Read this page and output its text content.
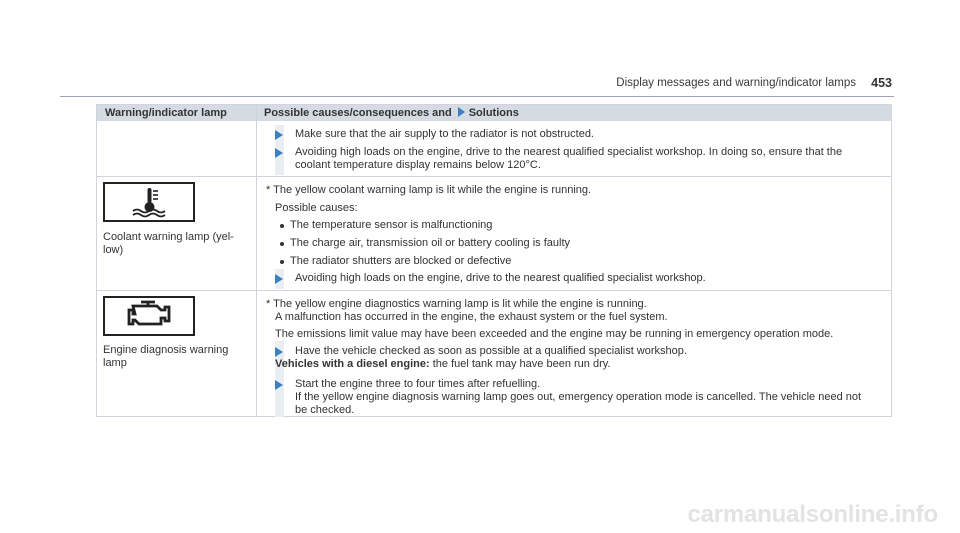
Display messages and warning/indicator lamps 453
Warning/indicator lamp	Possible causes/consequences and Solutions
Make sure that the air supply to the radiator is not obstructed.
Avoiding high loads on the engine, drive to the nearest qualified specialist workshop. In doing so, ensure that the
coolant temperature display remains below 120°C.
Coolant warning lamp (yel-
low)
* The yellow coolant warning lamp is lit while the engine is running.
Possible causes:
The temperature sensor is malfunctioning
The charge air, transmission oil or battery cooling is faulty
The radiator shutters are blocked or defective
Avoiding high loads on the engine, drive to the nearest qualified specialist workshop.
Engine diagnosis warning
lamp
* The yellow engine diagnostics warning lamp is lit while the engine is running.
A malfunction has occurred in the engine, the exhaust system or the fuel system.
The emissions limit value may have been exceeded and the engine may be running in emergency operation mode.
Have the vehicle checked as soon as possible at a qualified specialist workshop.
Vehicles with a diesel engine: the fuel tank may have been run dry.
Start the engine three to four times after refuelling.
If the yellow engine diagnosis warning lamp goes out, emergency operation mode is cancelled. The vehicle need not
be checked.
carmanualsonline.info
